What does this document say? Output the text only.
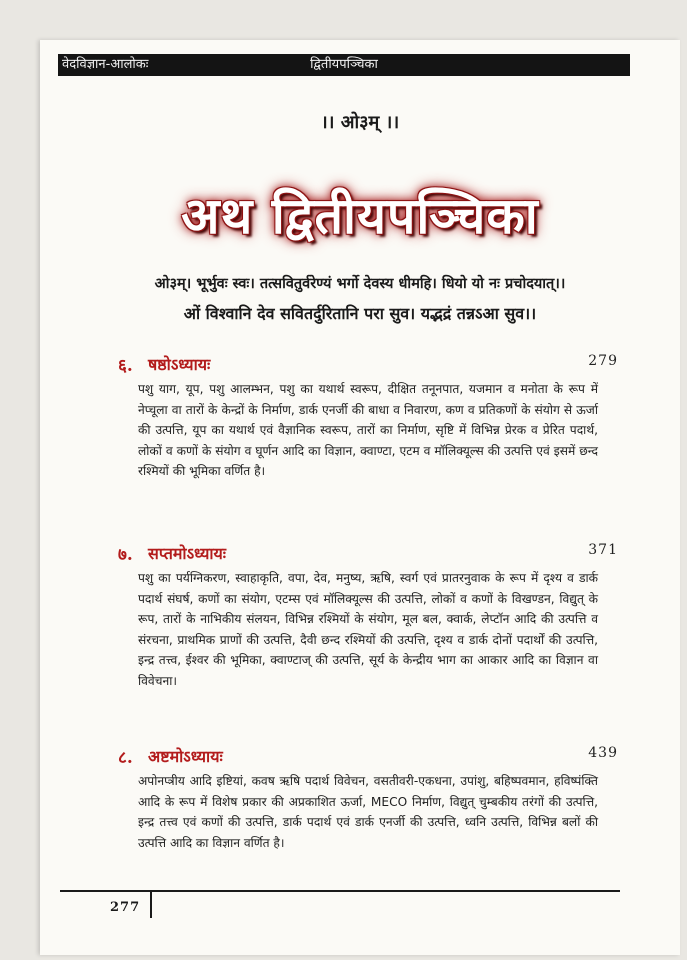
वेदविज्ञान-आलोकः	द्वितीयपञ्चिका
।। ओ३म् ।।
अथ द्वितीयपञ्चिका
ओ३म्। भूर्भुवः स्वः। तत्सवितुर्वरेण्यं भर्गो देवस्य धीमहि। धियो यो नः प्रचोदयात्।।
ओं विश्वानि देव सवितर्दुरितानि परा सुव। यद्भद्रं तन्नऽआ सुव।।
६. षष्ठोऽध्यायः	279
पशु याग, यूप, पशु आलम्भन, पशु का यथार्थ स्वरूप, दीक्षित तनूनपात, यजमान व मनोता के रूप में नेप्चूला वा तारों के केन्द्रों के निर्माण, डार्क एनर्जी की बाधा व निवारण, कण व प्रतिकणों के संयोग से ऊर्जा की उत्पत्ति, यूप का यथार्थ एवं वैज्ञानिक स्वरूप, तारों का निर्माण, सृष्टि में विभिन्न प्रेरक व प्रेरित पदार्थ, लोकों व कणों के संयोग व घूर्णन आदि का विज्ञान, क्वाण्टा, एटम व मॉलिक्यूल्स की उत्पत्ति एवं इसमें छन्द रश्मियों की भूमिका वर्णित है।
७. सप्तमोऽध्यायः	371
पशु का पर्यग्निकरण, स्वाहाकृति, वपा, देव, मनुष्य, ऋषि, स्वर्ग एवं प्रातरनुवाक के रूप में दृश्य व डार्क पदार्थ संघर्ष, कणों का संयोग, एटम्स एवं मॉलिक्यूल्स की उत्पत्ति, लोकों व कणों के विखण्डन, विद्युत् के रूप, तारों के नाभिकीय संलयन, विभिन्न रश्मियों के संयोग, मूल बल, क्वार्क, लेप्टॉन आदि की उत्पत्ति व संरचना, प्राथमिक प्राणों की उत्पत्ति, दैवी छन्द रश्मियों की उत्पत्ति, दृश्य व डार्क दोनों पदार्थों की उत्पत्ति, इन्द्र तत्त्व, ईश्वर की भूमिका, क्वाण्टाज् की उत्पत्ति, सूर्य के केन्द्रीय भाग का आकार आदि का विज्ञान वा विवेचना।
८. अष्टमोऽध्यायः	439
अपोनप्त्रीय आदि इष्टियां, कवष ऋषि पदार्थ विवेचन, वसतीवरी-एकधना, उपांशु, बहिष्पवमान, हविष्पंक्ति आदि के रूप में विशेष प्रकार की अप्रकाशित ऊर्जा, MECO निर्माण, विद्युत् चुम्बकीय तरंगों की उत्पत्ति, इन्द्र तत्त्व एवं कणों की उत्पत्ति, डार्क पदार्थ एवं डार्क एनर्जी की उत्पत्ति, ध्वनि उत्पत्ति, विभिन्न बलों की उत्पत्ति आदि का विज्ञान वर्णित है।
277
